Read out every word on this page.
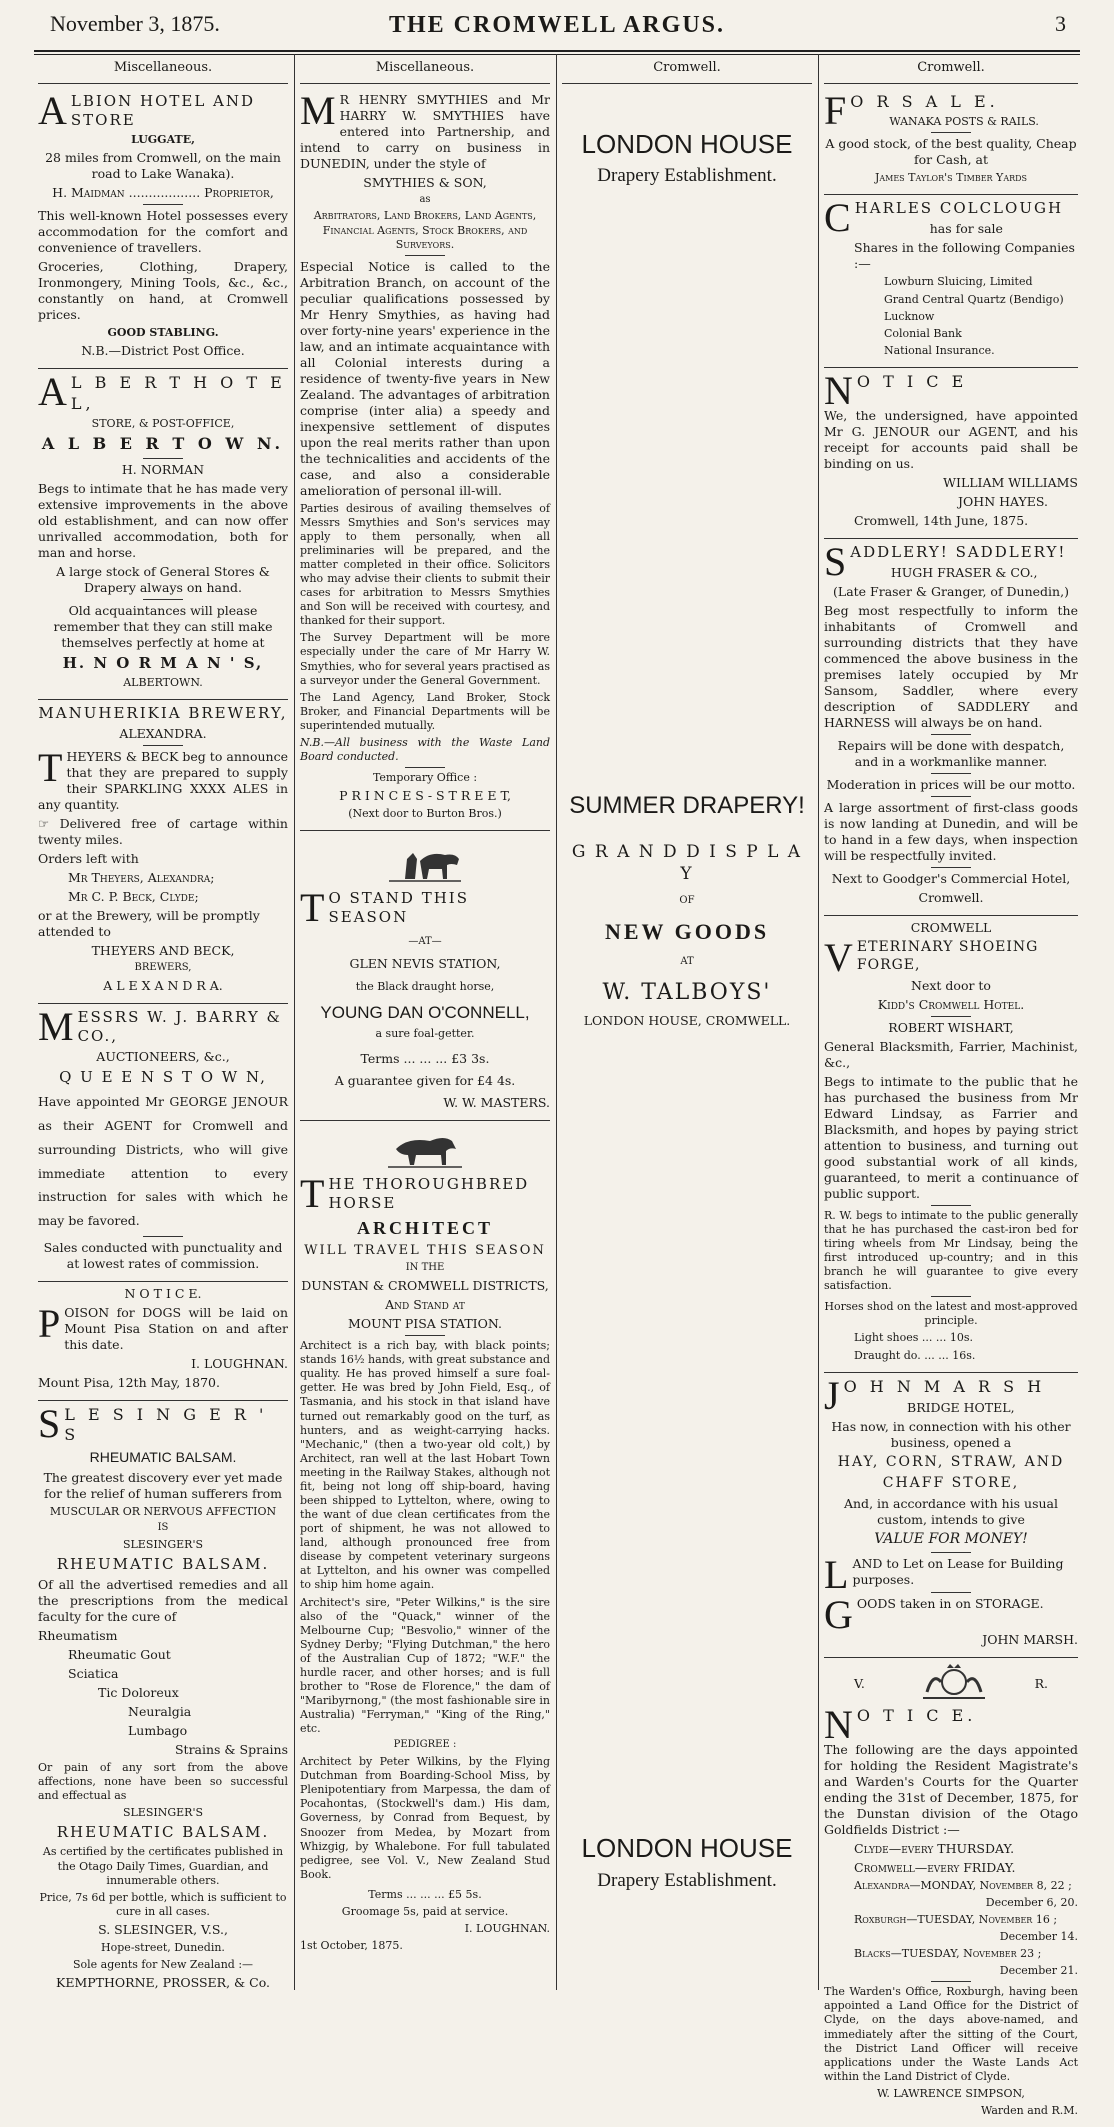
November 3, 1875.	THE CROMWELL ARGUS.	3
Miscellaneous.

ALBION HOTEL AND STORE

LUGGATE,

28 miles from Cromwell, on the main road to Lake Wanaka).

H. Maidman .................. Proprietor,

This well-known Hotel possesses every accommodation for the comfort and convenience of travellers.

Groceries, Clothing, Drapery, Ironmongery, Mining Tools, &c., &c., constantly on hand, at Cromwell prices.

GOOD STABLING.

N.B.—District Post Office.

A L B E R T H O T E L,

STORE, & POST-OFFICE,

A L B E R T O W N.

H. NORMAN

Begs to intimate that he has made very extensive improvements in the above old establishment, and can now offer unrivalled accommodation, both for man and horse.

A large stock of General Stores & Drapery always on hand.

Old acquaintances will please remember that they can still make themselves perfectly at home at

H. N O R M A N ' S,

ALBERTOWN.

MANUHERIKIA BREWERY,

ALEXANDRA.

THEYERS & BECK beg to announce that they are prepared to supply their SPARKLING XXXX ALES in any quantity.

☞ Delivered free of cartage within twenty miles.

Orders left with

Mr Theyers, Alexandra;

Mr C. P. Beck, Clyde;

or at the Brewery, will be promptly attended to

THEYERS AND BECK,

BREWERS,

A L E X A N D R A.

MESSRS W. J. BARRY & CO.,

AUCTIONEERS, &c.,

Q U E E N S T O W N,

Have appointed Mr GEORGE JENOUR as their AGENT for Cromwell and surrounding Districts, who will give immediate attention to every instruction for sales with which he may be favored.

Sales conducted with punctuality and at lowest rates of commission.

N O T I C E.

POISON for DOGS will be laid on Mount Pisa Station on and after this date.

I. LOUGHNAN.

Mount Pisa, 12th May, 1870.

S L E S I N G E R ' S

RHEUMATIC BALSAM.

The greatest discovery ever yet made for the relief of human sufferers from

MUSCULAR OR NERVOUS AFFECTION

IS

SLESINGER'S

RHEUMATIC BALSAM.

Of all the advertised remedies and all the prescriptions from the medical faculty for the cure of

Rheumatism

Rheumatic Gout

Sciatica

Tic Doloreux

Neuralgia

Lumbago

Strains & Sprains

Or pain of any sort from the above affections, none have been so successful and effectual as

SLESINGER'S

RHEUMATIC BALSAM.

As certified by the certificates published in the Otago Daily Times, Guardian, and innumerable others.

Price, 7s 6d per bottle, which is sufficient to cure in all cases.

S. SLESINGER, V.S.,

Hope-street, Dunedin.

Sole agents for New Zealand :—

KEMPTHORNE, PROSSER, & Co.

Miscellaneous.

M R HENRY SMYTHIES and Mr HARRY W. SMYTHIES have entered into Partnership, and intend to carry on business in DUNEDIN, under the style of

SMYTHIES & SON,

as

Arbitrators, Land Brokers, Land Agents, Financial Agents, Stock Brokers, and Surveyors.

Especial Notice is called to the Arbitration Branch, on account of the peculiar qualifications possessed by Mr Henry Smythies, as having had over forty-nine years' experience in the law, and an intimate acquaintance with all Colonial interests during a residence of twenty-five years in New Zealand. The advantages of arbitration comprise (inter alia) a speedy and inexpensive settlement of disputes upon the real merits rather than upon the technicalities and accidents of the case, and also a considerable amelioration of personal ill-will.

Parties desirous of availing themselves of Messrs Smythies and Son's services may apply to them personally, when all preliminaries will be prepared, and the matter completed in their office. Solicitors who may advise their clients to submit their cases for arbitration to Messrs Smythies and Son will be received with courtesy, and thanked for their support.

The Survey Department will be more especially under the care of Mr Harry W. Smythies, who for several years practised as a surveyor under the General Government.

The Land Agency, Land Broker, Stock Broker, and Financial Departments will be superintended mutually.

N.B.—All business with the Waste Land Board conducted.

Temporary Office :

P R I N C E S - S T R E E T,

(Next door to Burton Bros.)

T O STAND THIS SEASON

—AT—

GLEN NEVIS STATION,

the Black draught horse,

YOUNG DAN O'CONNELL,

a sure foal-getter.

Terms ... ... ... £3 3s.

A guarantee given for £4 4s.

W. W. MASTERS.

THE THOROUGHBRED HORSE

ARCHITECT

WILL TRAVEL THIS SEASON

IN THE

DUNSTAN & CROMWELL DISTRICTS,

And Stand at

MOUNT PISA STATION.

Architect is a rich bay, with black points; stands 16½ hands, with great substance and quality. He has proved himself a sure foal-getter. He was bred by John Field, Esq., of Tasmania, and his stock in that island have turned out remarkably good on the turf, as hunters, and as weight-carrying hacks. "Mechanic," (then a two-year old colt,) by Architect, ran well at the last Hobart Town meeting in the Railway Stakes, although not fit, being not long off ship-board, having been shipped to Lyttelton, where, owing to the want of due clean certificates from the port of shipment, he was not allowed to land, although pronounced free from disease by competent veterinary surgeons at Lyttelton, and his owner was compelled to ship him home again.

Architect's sire, "Peter Wilkins," is the sire also of the "Quack," winner of the Melbourne Cup; "Besvolio," winner of the Sydney Derby; "Flying Dutchman," the hero of the Australian Cup of 1872; "W.F." the hurdle racer, and other horses; and is full brother to "Rose de Florence," the dam of "Maribyrnong," (the most fashionable sire in Australia) "Ferryman," "King of the Ring," etc.

PEDIGREE :

Architect by Peter Wilkins, by the Flying Dutchman from Boarding-School Miss, by Plenipotentiary from Marpessa, the dam of Pocahontas, (Stockwell's dam.) His dam, Governess, by Conrad from Bequest, by Snoozer from Medea, by Mozart from Whizgig, by Whalebone. For full tabulated pedigree, see Vol. V., New Zealand Stud Book.

Terms ... ... ... £5 5s.

Groomage 5s, paid at service.

I. LOUGHNAN.

1st October, 1875.

Cromwell.

LONDON HOUSE

Drapery Establishment.

SUMMER DRAPERY!

G R A N D D I S P L A Y

OF

NEW GOODS

AT

W. TALBOYS'

LONDON HOUSE, CROMWELL.

LONDON HOUSE

Drapery Establishment.

Cromwell.

F O R S A L E.

WANAKA POSTS & RAILS.

A good stock, of the best quality, Cheap for Cash, at

James Taylor's Timber Yards

CHARLES COLCLOUGH

has for sale

Shares in the following Companies :—

Lowburn Sluicing, Limited

Grand Central Quartz (Bendigo)

Lucknow

Colonial Bank

National Insurance.

N O T I C E

We, the undersigned, have appointed Mr G. JENOUR our AGENT, and his receipt for accounts paid shall be binding on us.

WILLIAM WILLIAMS

JOHN HAYES.

Cromwell, 14th June, 1875.

SADDLERY! SADDLERY!

HUGH FRASER & CO.,

(Late Fraser & Granger, of Dunedin,)

Beg most respectfully to inform the inhabitants of Cromwell and surrounding districts that they have commenced the above business in the premises lately occupied by Mr Sansom, Saddler, where every description of SADDLERY and HARNESS will always be on hand.

Repairs will be done with despatch, and in a workmanlike manner.

Moderation in prices will be our motto.

A large assortment of first-class goods is now landing at Dunedin, and will be to hand in a few days, when inspection will be respectfully invited.

Next to Goodger's Commercial Hotel,

Cromwell.

CROMWELL

VETERINARY SHOEING FORGE,

Next door to

Kidd's Cromwell Hotel.

ROBERT WISHART,

General Blacksmith, Farrier, Machinist, &c.,

Begs to intimate to the public that he has purchased the business from Mr Edward Lindsay, as Farrier and Blacksmith, and hopes by paying strict attention to business, and turning out good substantial work of all kinds, guaranteed, to merit a continuance of public support.

R. W. begs to intimate to the public generally that he has purchased the cast-iron bed for tiring wheels from Mr Lindsay, being the first introduced up-country; and in this branch he will guarantee to give every satisfaction.

Horses shod on the latest and most-approved principle.

Light shoes ... ... 10s.

Draught do. ... ... 16s.

J O H N M A R S H

BRIDGE HOTEL,

Has now, in connection with his other business, opened a

HAY, CORN, STRAW, AND

CHAFF STORE,

And, in accordance with his usual custom, intends to give

VALUE FOR MONEY!

LAND to Let on Lease for Building purposes.

GOODS taken in on STORAGE.

JOHN MARSH.

V.	R.

N O T I C E.

The following are the days appointed for holding the Resident Magistrate's and Warden's Courts for the Quarter ending the 31st of December, 1875, for the Dunstan division of the Otago Goldfields District :—

Clyde—every THURSDAY.

Cromwell—every FRIDAY.

Alexandra—MONDAY, November 8, 22 ;

December 6, 20.

Roxburgh—TUESDAY, November 16 ;

December 14.

Blacks—TUESDAY, November 23 ;

December 21.

The Warden's Office, Roxburgh, having been appointed a Land Office for the District of Clyde, on the days above-named, and immediately after the sitting of the Court, the District Land Officer will receive applications under the Waste Lands Act within the Land District of Clyde.

W. LAWRENCE SIMPSON,

Warden and R.M.
